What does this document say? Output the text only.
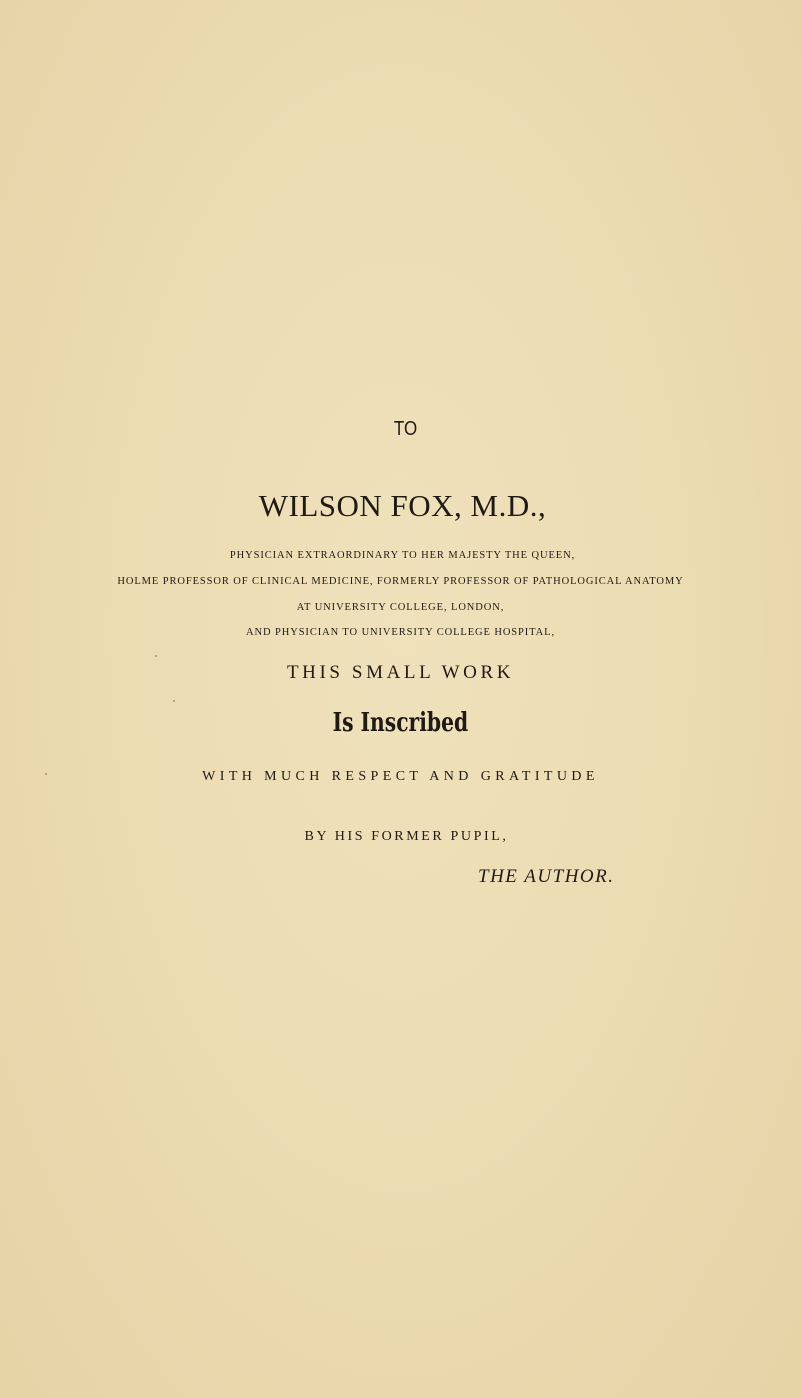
TO
WILSON FOX, M.D.,
PHYSICIAN EXTRAORDINARY TO HER MAJESTY THE QUEEN,
HOLME PROFESSOR OF CLINICAL MEDICINE, FORMERLY PROFESSOR OF PATHOLOGICAL ANATOMY
AT UNIVERSITY COLLEGE, LONDON,
AND PHYSICIAN TO UNIVERSITY COLLEGE HOSPITAL,
THIS SMALL WORK
Is Inscribed
WITH MUCH RESPECT AND GRATITUDE
BY HIS FORMER PUPIL,
THE AUTHOR.
